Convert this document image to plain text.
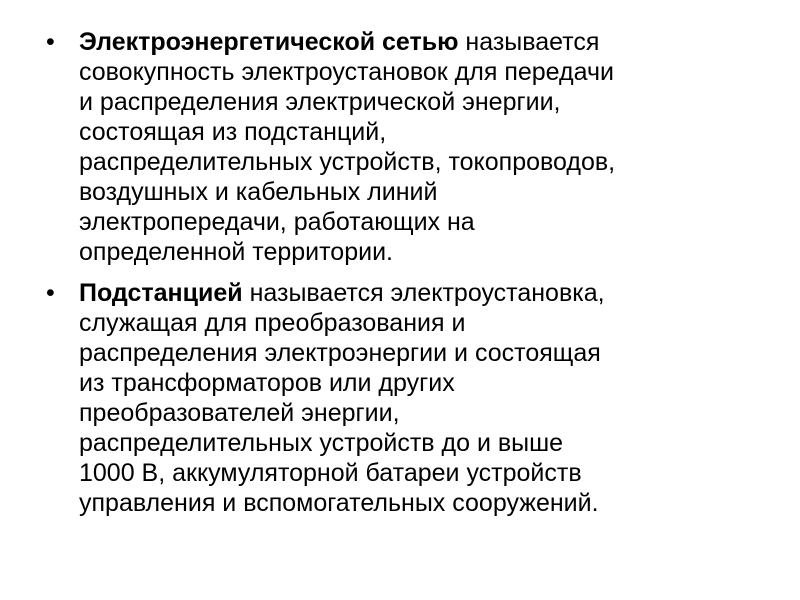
• Электроэнергетической сетью называется
совокупность электроустановок для передачи
и распределения электрической энергии,
состоящая из подстанций,
распределительных устройств, токопроводов,
воздушных и кабельных линий
электропередачи, работающих на
определенной территории.
• Подстанцией называется электроустановка,
служащая для преобразования и
распределения электроэнергии и состоящая
из трансформаторов или других
преобразователей энергии,
распределительных устройств до и выше
1000 В, аккумуляторной батареи устройств
управления и вспомогательных сооружений.
